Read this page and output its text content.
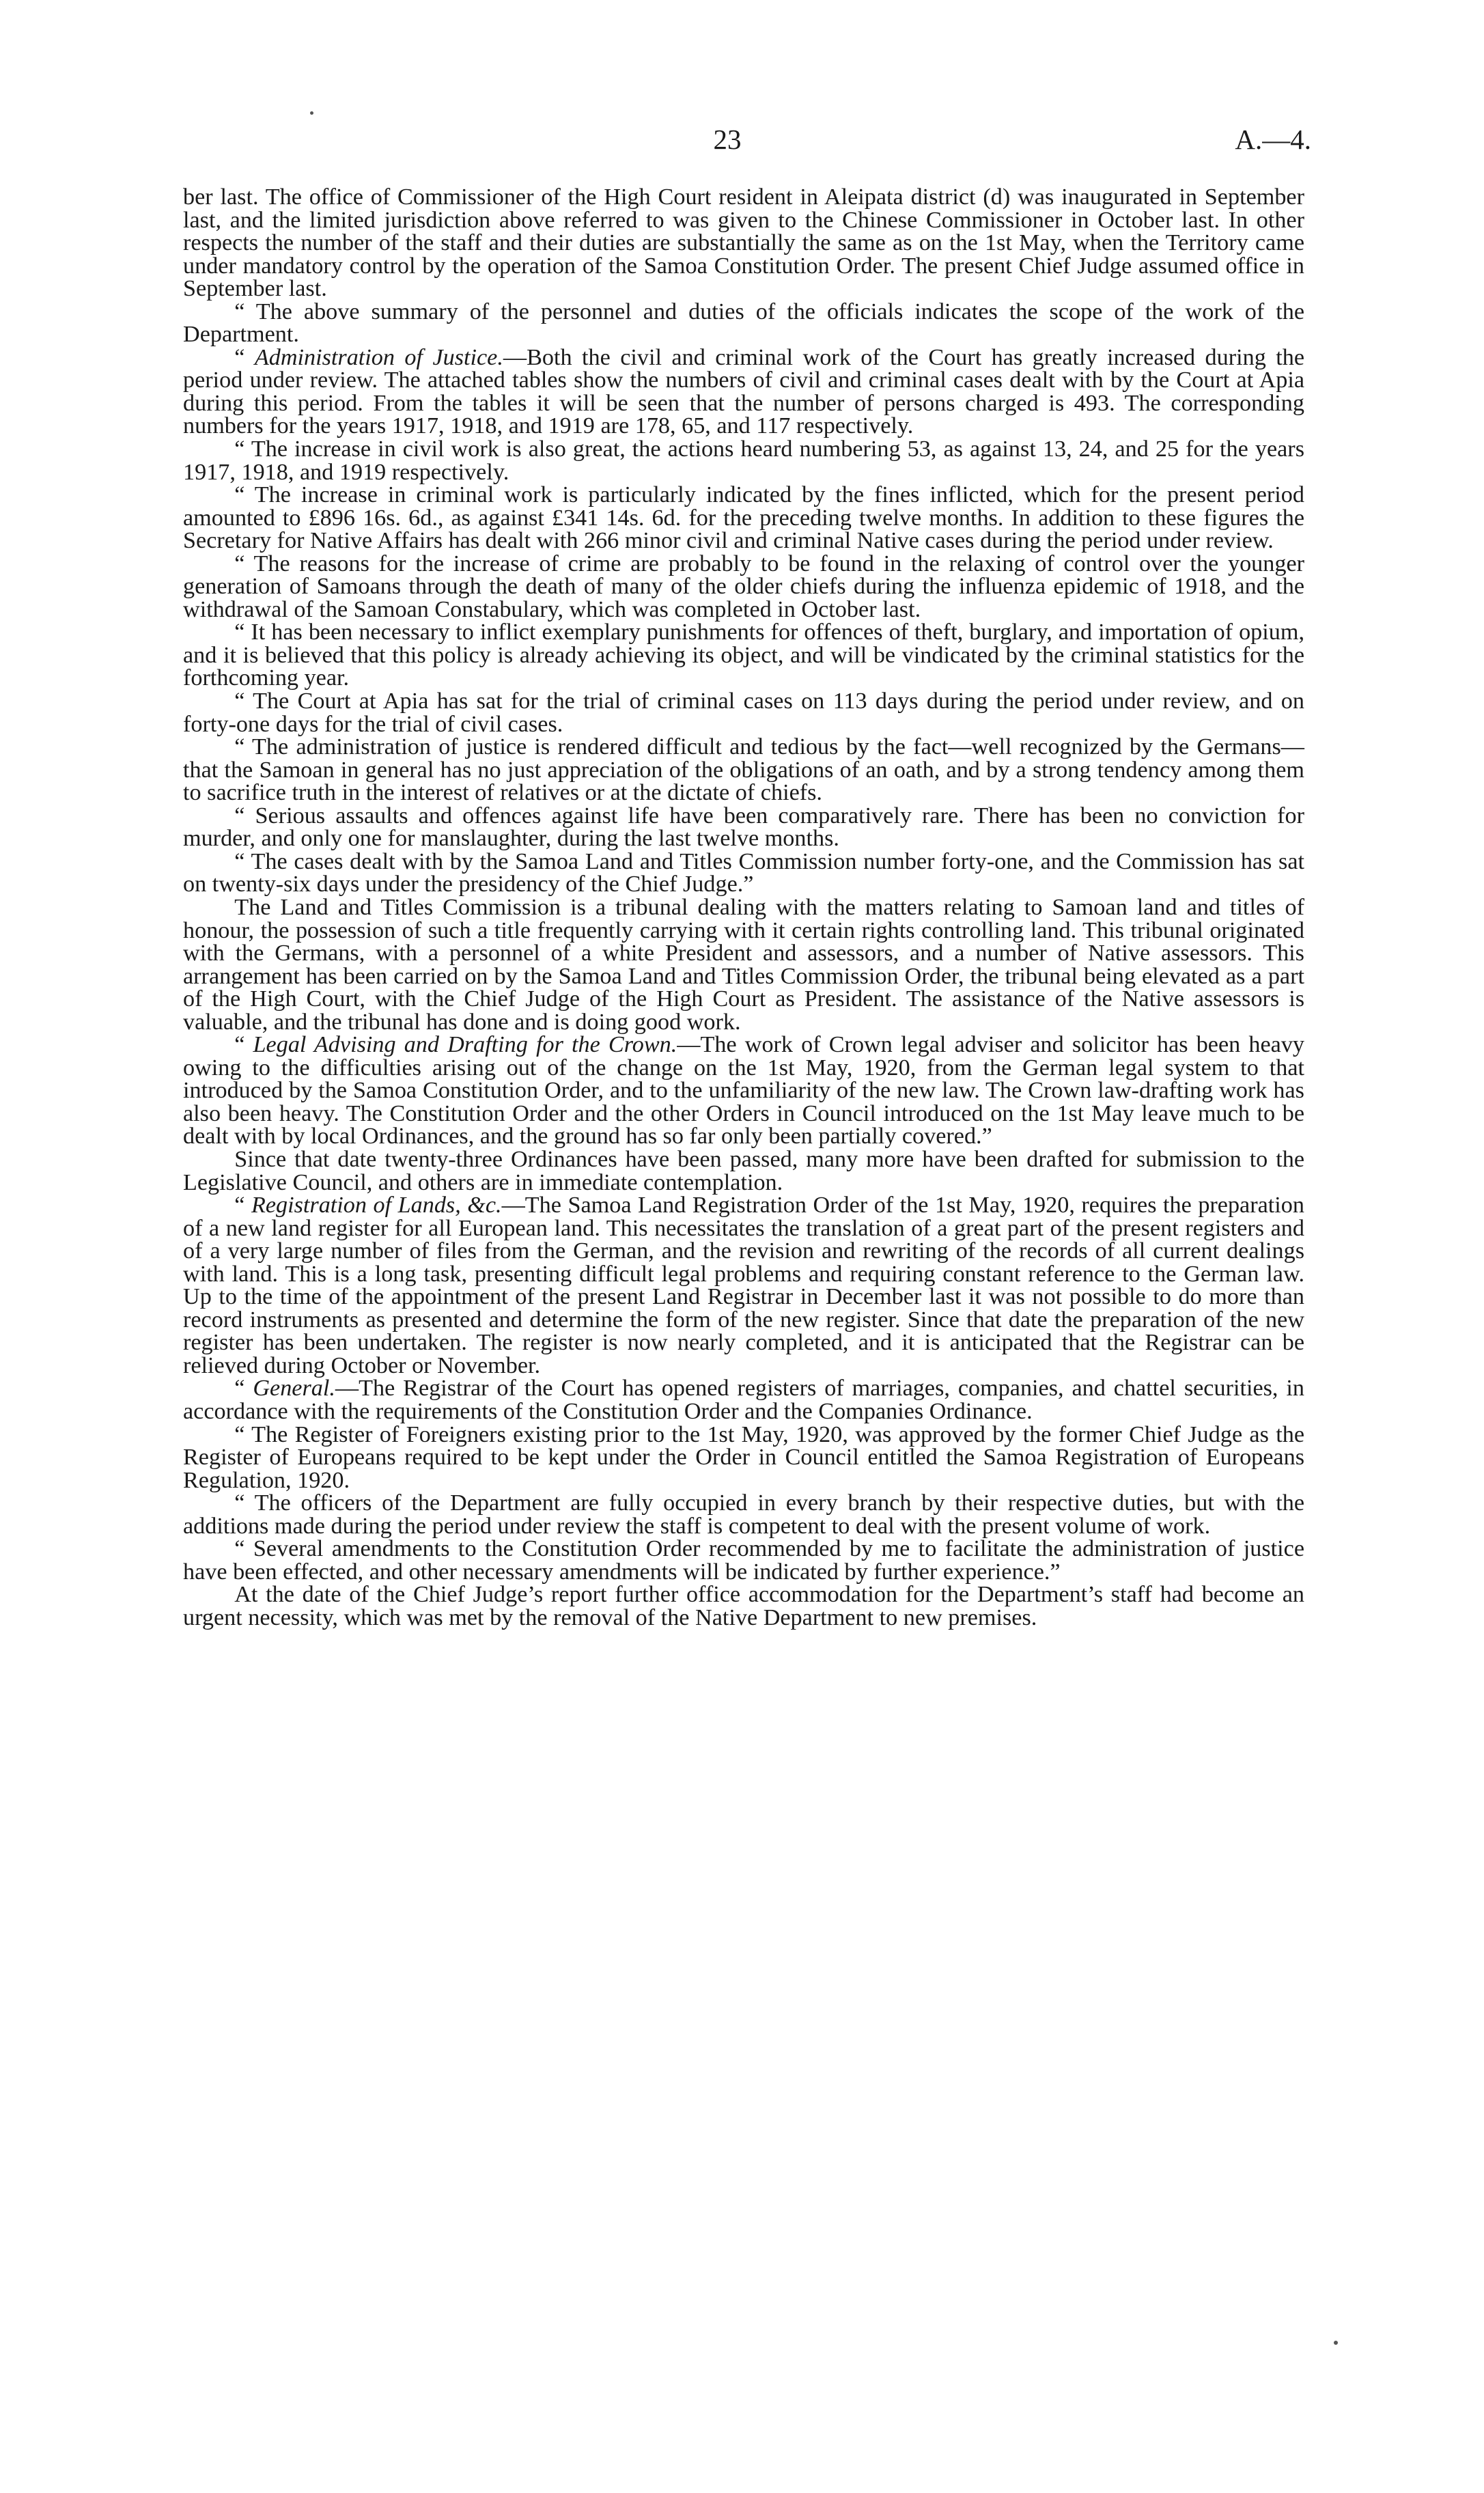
23	A.—4.

ber last. The office of Commissioner of the High Court resident in Aleipata district (d) was inaugurated in September last, and the limited jurisdiction above referred to was given to the Chinese Commissioner in October last. In other respects the number of the staff and their duties are substantially the same as on the 1st May, when the Territory came under mandatory control by the operation of the Samoa Constitution Order. The present Chief Judge assumed office in September last.

“ The above summary of the personnel and duties of the officials indicates the scope of the work of the Department.

“ Administration of Justice.—Both the civil and criminal work of the Court has greatly increased during the period under review. The attached tables show the numbers of civil and criminal cases dealt with by the Court at Apia during this period. From the tables it will be seen that the number of persons charged is 493. The corresponding numbers for the years 1917, 1918, and 1919 are 178, 65, and 117 respectively.

“ The increase in civil work is also great, the actions heard numbering 53, as against 13, 24, and 25 for the years 1917, 1918, and 1919 respectively.

“ The increase in criminal work is particularly indicated by the fines inflicted, which for the present period amounted to £896 16s. 6d., as against £341 14s. 6d. for the preceding twelve months. In addition to these figures the Secretary for Native Affairs has dealt with 266 minor civil and criminal Native cases during the period under review.

“ The reasons for the increase of crime are probably to be found in the relaxing of control over the younger generation of Samoans through the death of many of the older chiefs during the influenza epidemic of 1918, and the withdrawal of the Samoan Constabulary, which was completed in October last.

“ It has been necessary to inflict exemplary punishments for offences of theft, burglary, and importation of opium, and it is believed that this policy is already achieving its object, and will be vindicated by the criminal statistics for the forthcoming year.

“ The Court at Apia has sat for the trial of criminal cases on 113 days during the period under review, and on forty-one days for the trial of civil cases.

“ The administration of justice is rendered difficult and tedious by the fact—well recognized by the Germans—that the Samoan in general has no just appreciation of the obligations of an oath, and by a strong tendency among them to sacrifice truth in the interest of relatives or at the dictate of chiefs.

“ Serious assaults and offences against life have been comparatively rare. There has been no conviction for murder, and only one for manslaughter, during the last twelve months.

“ The cases dealt with by the Samoa Land and Titles Commission number forty-one, and the Commission has sat on twenty-six days under the presidency of the Chief Judge.”

The Land and Titles Commission is a tribunal dealing with the matters relating to Samoan land and titles of honour, the possession of such a title frequently carrying with it certain rights controlling land. This tribunal originated with the Germans, with a personnel of a white President and assessors, and a number of Native assessors. This arrangement has been carried on by the Samoa Land and Titles Commission Order, the tribunal being elevated as a part of the High Court, with the Chief Judge of the High Court as President. The assistance of the Native assessors is valuable, and the tribunal has done and is doing good work.

“ Legal Advising and Drafting for the Crown.—The work of Crown legal adviser and solicitor has been heavy owing to the difficulties arising out of the change on the 1st May, 1920, from the German legal system to that introduced by the Samoa Constitution Order, and to the unfamiliarity of the new law. The Crown law-drafting work has also been heavy. The Constitution Order and the other Orders in Council introduced on the 1st May leave much to be dealt with by local Ordinances, and the ground has so far only been partially covered.”

Since that date twenty-three Ordinances have been passed, many more have been drafted for submission to the Legislative Council, and others are in immediate contemplation.

“ Registration of Lands, &c.—The Samoa Land Registration Order of the 1st May, 1920, requires the preparation of a new land register for all European land. This necessitates the translation of a great part of the present registers and of a very large number of files from the German, and the revision and rewriting of the records of all current dealings with land. This is a long task, presenting difficult legal problems and requiring constant reference to the German law. Up to the time of the appointment of the present Land Registrar in December last it was not possible to do more than record instruments as presented and determine the form of the new register. Since that date the preparation of the new register has been undertaken. The register is now nearly completed, and it is anticipated that the Registrar can be relieved during October or November.

“ General.—The Registrar of the Court has opened registers of marriages, companies, and chattel securities, in accordance with the requirements of the Constitution Order and the Companies Ordinance.

“ The Register of Foreigners existing prior to the 1st May, 1920, was approved by the former Chief Judge as the Register of Europeans required to be kept under the Order in Council entitled the Samoa Registration of Europeans Regulation, 1920.

“ The officers of the Department are fully occupied in every branch by their respective duties, but with the additions made during the period under review the staff is competent to deal with the present volume of work.

“ Several amendments to the Constitution Order recommended by me to facilitate the administration of justice have been effected, and other necessary amendments will be indicated by further experience.”

At the date of the Chief Judge’s report further office accommodation for the Department’s staff had become an urgent necessity, which was met by the removal of the Native Department to new premises.
